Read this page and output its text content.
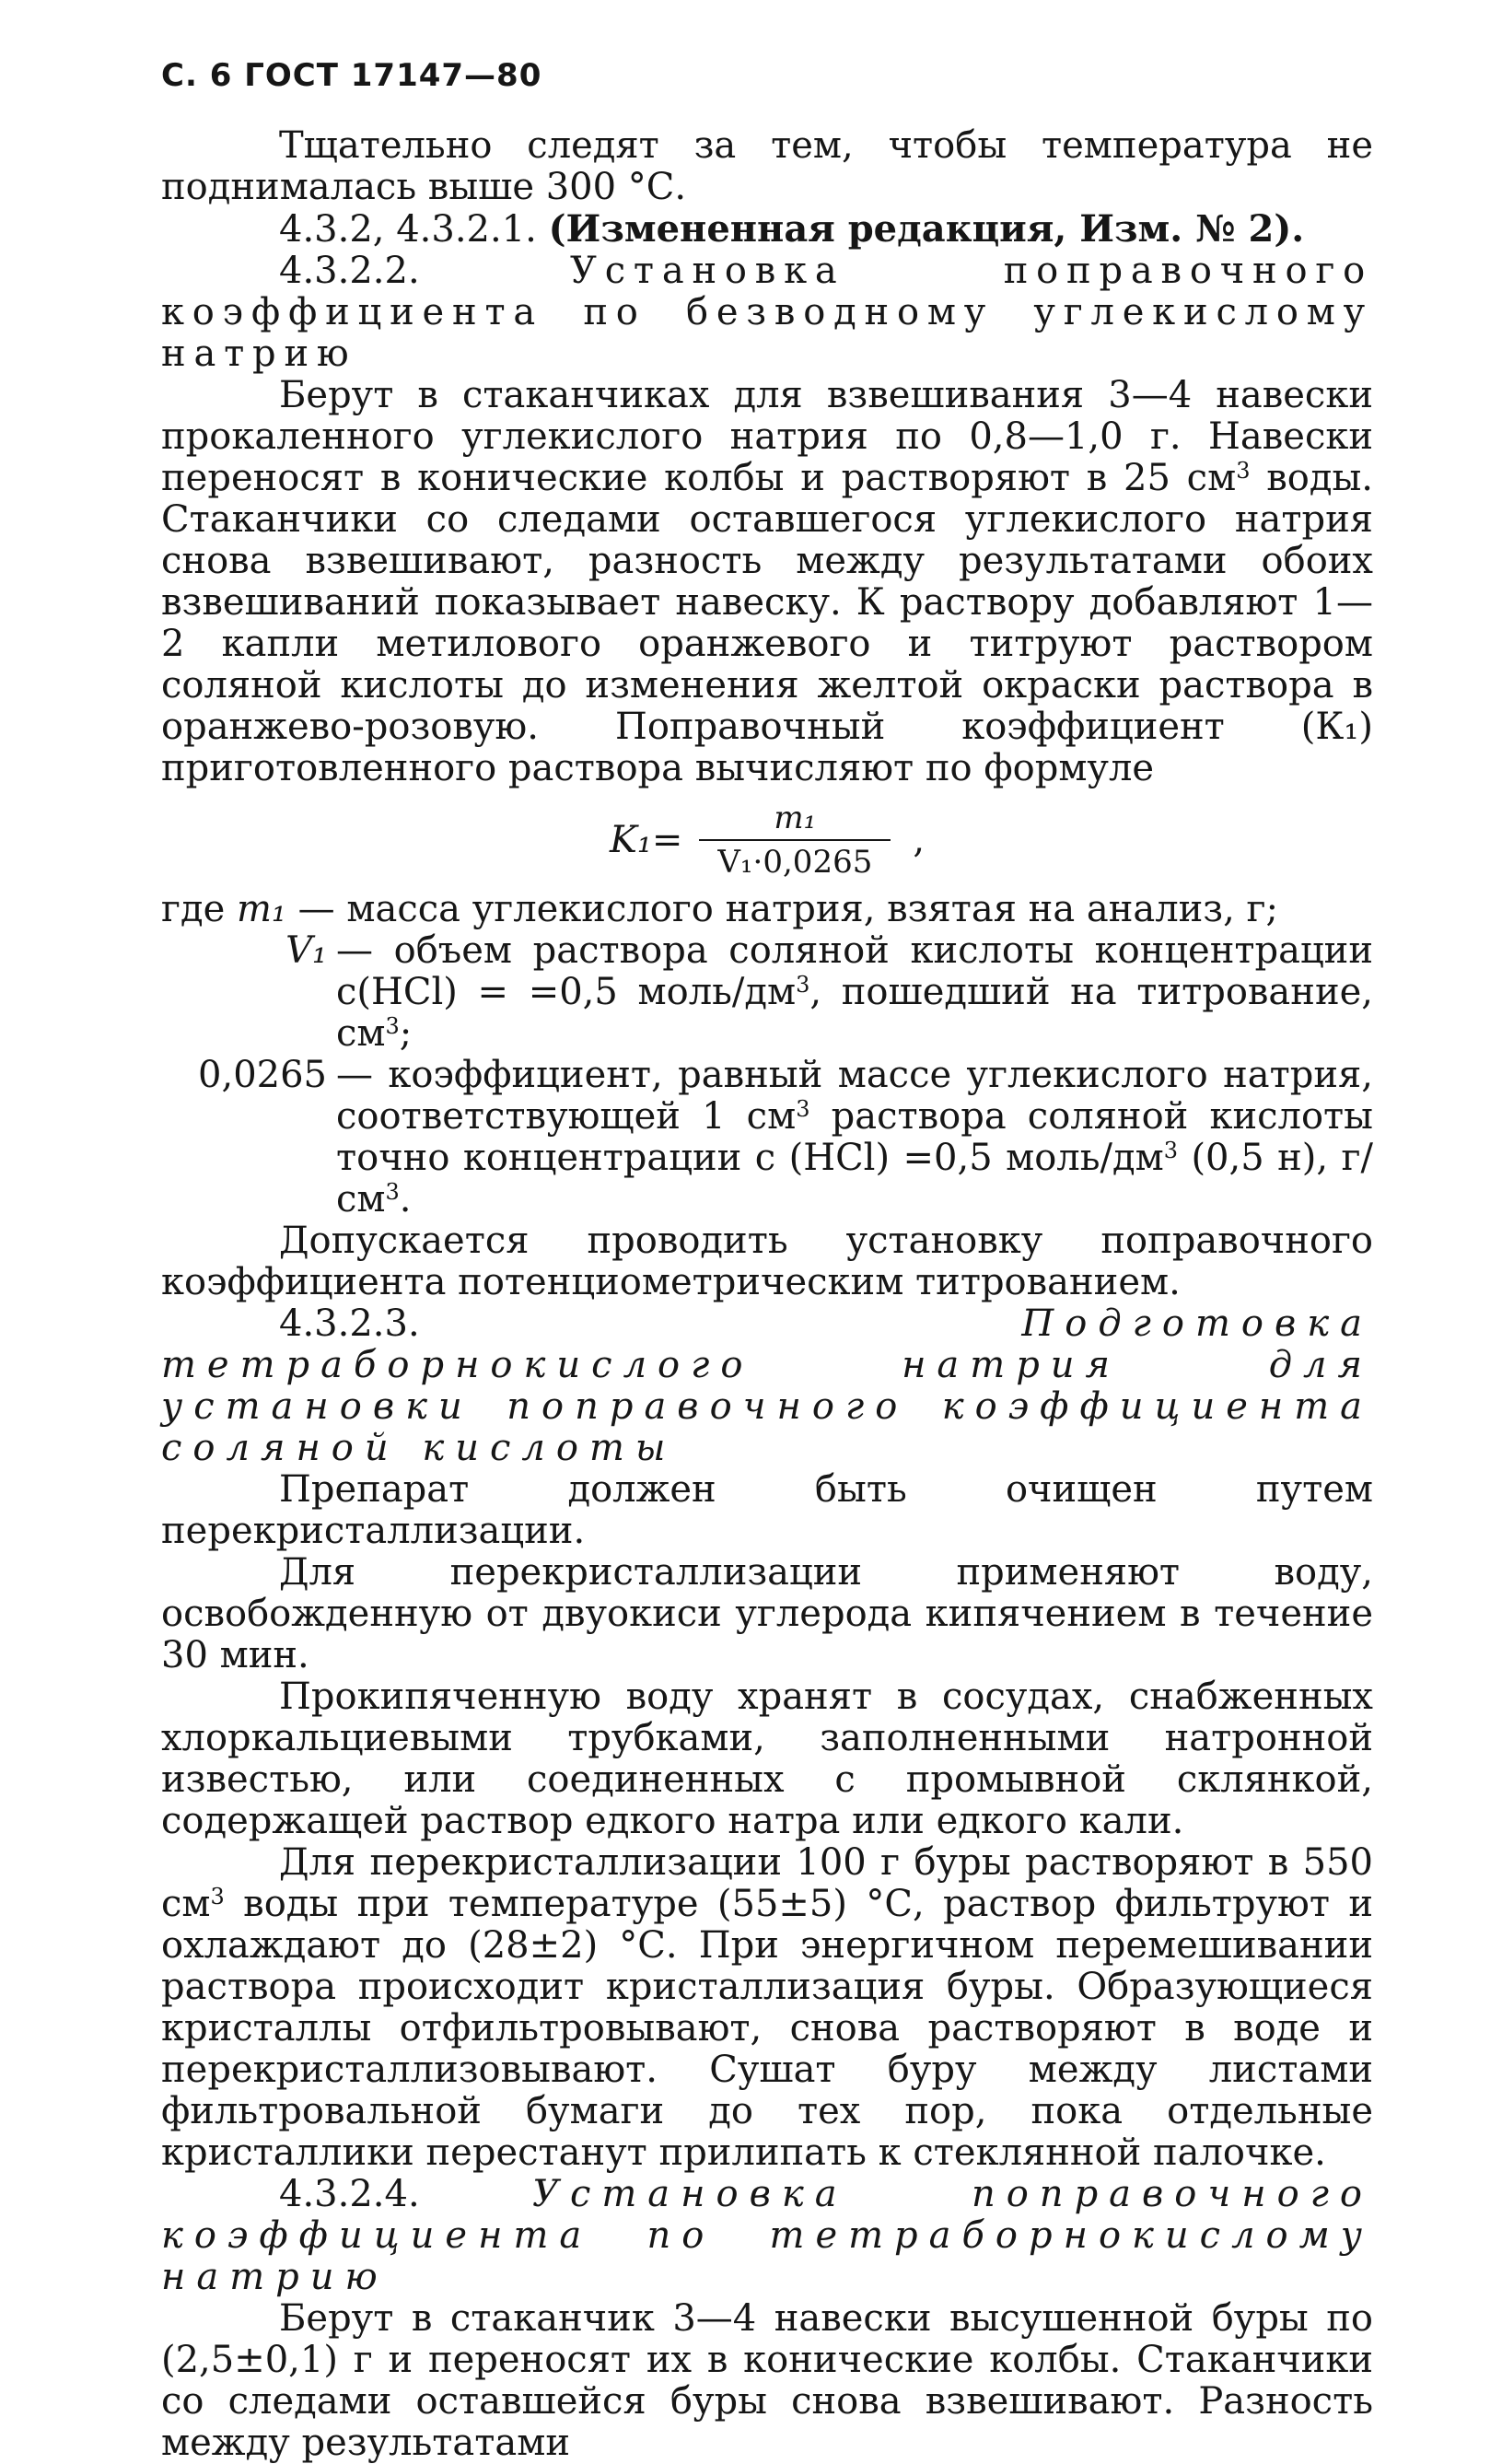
С. 6 ГОСТ 17147—80

Тщательно следят за тем, чтобы температура не поднималась выше 300 °С.

4.3.2, 4.3.2.1. (Измененная редакция, Изм. № 2).

4.3.2.2.	Установка поправочного коэффициента по безводному углекислому натрию

Берут в стаканчиках для взвешивания 3—4 навески прокаленного углекислого натрия по 0,8—1,0 г. Навески переносят в конические колбы и растворяют в 25 $см^3$ воды. Стаканчики со следами оставшегося углекислого натрия снова взвешивают, разность между результатами обоих взвешиваний показывает навеску. К раствору добавляют 1—2 капли метилового оранжевого и титруют раствором соляной кислоты до изменения желтой окраски раствора в оранжево-розовую. Поправочный коэффициент (К₁) приготовленного раствора вычисляют по формуле

$K_1= \frac{\text{m₁}}{\text{V₁·0,0265}}$ ,

где m₁ — масса углекислого натрия, взятая на анализ, г;

V₁ — объем раствора соляной кислоты концентрации с(HCl) = =0,5 моль/$дм^3$, пошедший на титрование, $см^3$;

0,0265 — коэффициент, равный массе углекислого натрия, соответствующей 1 $см^3$ раствора соляной кислоты точно концентрации с (HCl) =0,5 моль/$дм^3$ (0,5 н), $г/см^3$.

Допускается проводить установку поправочного коэффициента потенциометрическим титрованием.

4.3.2.3.	Подготовка тетраборнокислого натрия для установки поправочного коэффициента соляной кислоты

Препарат должен быть очищен путем перекристаллизации.

Для перекристаллизации применяют воду, освобожденную от двуокиси углерода кипячением в течение 30 мин.

Прокипяченную воду хранят в сосудах, снабженных хлоркальциевыми трубками, заполненными натронной известью, или соединенных с промывной склянкой, содержащей раствор едкого натра или едкого кали.

Для перекристаллизации 100 г буры растворяют в 550 $см^3$ воды при температуре (55±5) °С, раствор фильтруют и охлаждают до (28±2) °С. При энергичном перемешивании раствора происходит кристаллизация буры. Образующиеся кристаллы отфильтровывают, снова растворяют в воде и перекристаллизовывают. Сушат буру между листами фильтровальной бумаги до тех пор, пока отдельные кристаллики перестанут прилипать к стеклянной палочке.

4.3.2.4.	Установка поправочного коэффициента по тетраборнокислому натрию

Берут в стаканчик 3—4 навески высушенной буры по (2,5±0,1) г и переносят их в конические колбы. Стаканчики со следами оставшейся буры снова взвешивают. Разность между результатами
